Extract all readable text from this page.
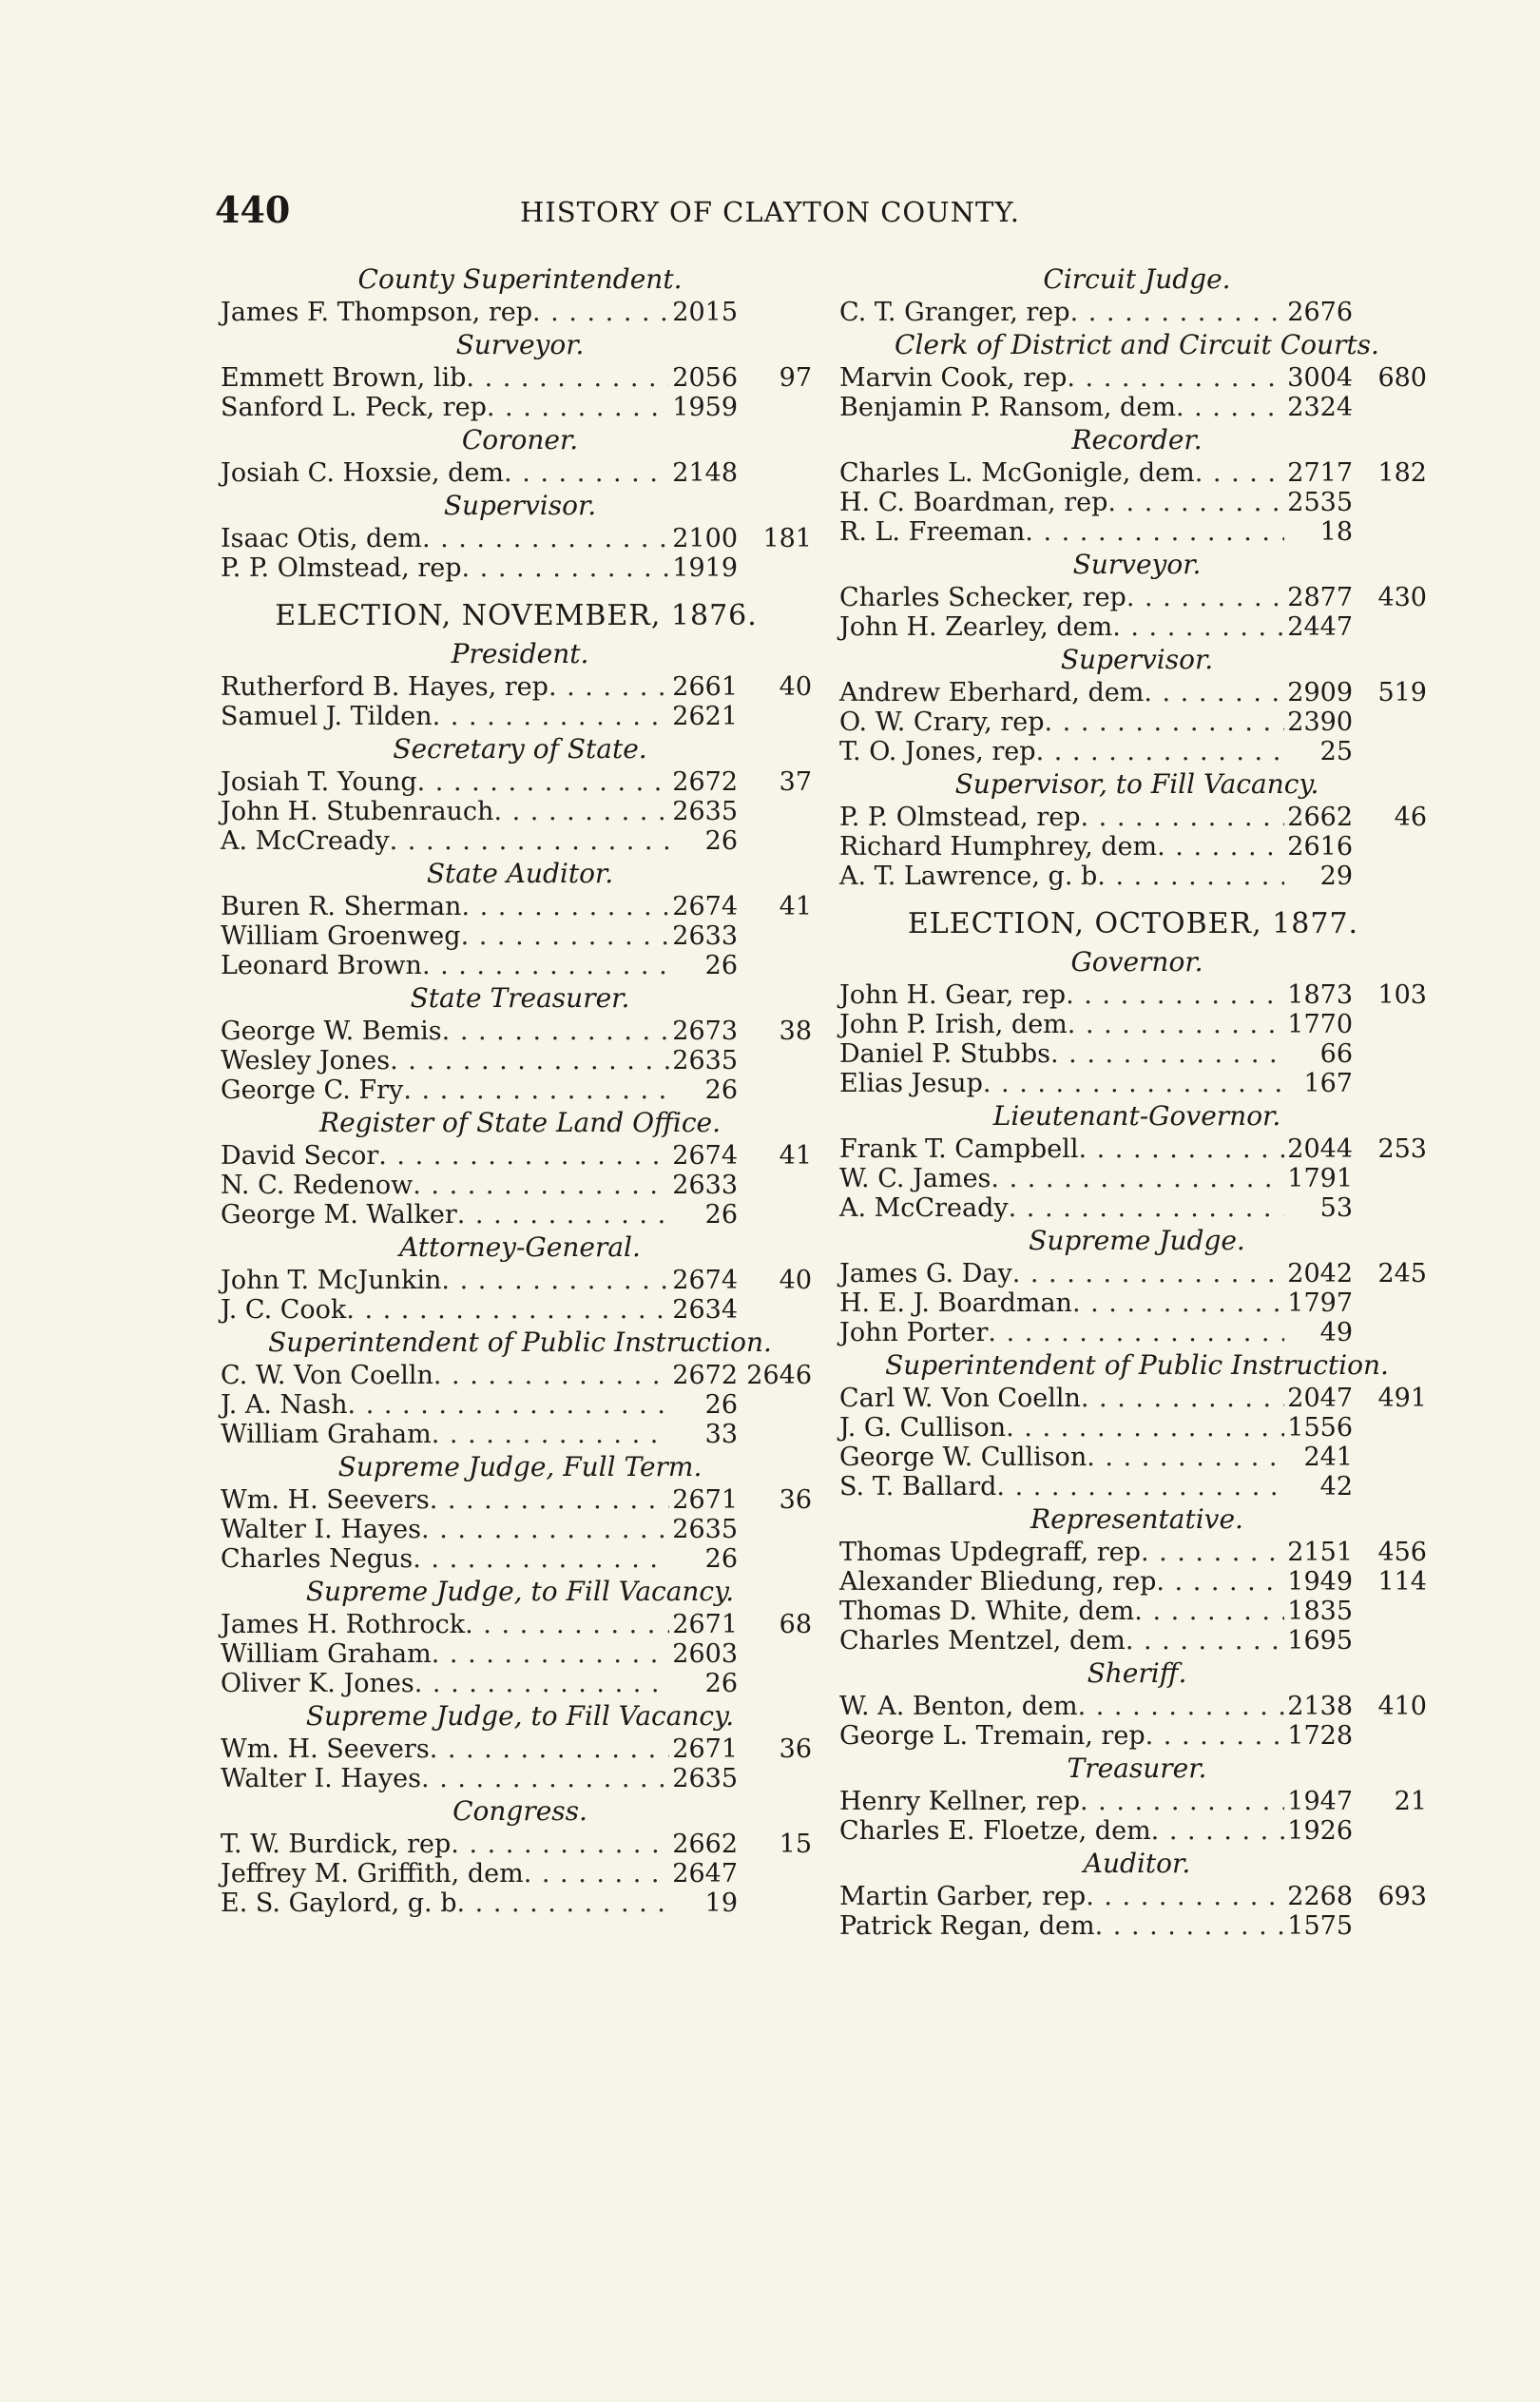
440	HISTORY OF CLAYTON COUNTY.
County Superintendent.
James F. Thompson, rep . . .	2015
Surveyor.
Emmett Brown, lib . . .	2056	97
Sanford L. Peck, rep . . .	1959
Coroner.
Josiah C. Hoxsie, dem . . .	2148
Supervisor.
Isaac Otis, dem . . .	2100 181
P. P. Olmstead, rep . . .	1919
ELECTION, NOVEMBER, 1876.
President.
Rutherford B. Hayes, rep . . .	2661	40
Samuel J. Tilden . . .	2621
Secretary of State.
Josiah T. Young . . .	2672	37
John H. Stubenrauch . . .	2635
A. McCready . . .	26
State Auditor.
Buren R. Sherman . . .	2674	41
William Groenweg . . .	2633
Leonard Brown . . .	26
State Treasurer.
George W. Bemis . . .	2673	38
Wesley Jones . . .	2635
George C. Fry . . .	26
Register of State Land Office.
David Secor . . .	2674	41
N. C. Redenow . . .	2633
George M. Walker . . .	26
Attorney-General.
John T. McJunkin . . .	2674	40
J. C. Cook . . .	2634
Superintendent of Public Instruction.
C. W. Von Coelln . . .	2672 2646
J. A. Nash . . .	26
William Graham . . .	33
Supreme Judge, Full Term.
Wm. H. Seevers . . .	2671	36
Walter I. Hayes . . .	2635
Charles Negus . . .	26
Supreme Judge, to Fill Vacancy.
James H. Rothrock . . .	2671	68
William Graham . . .	2603
Oliver K. Jones . . .	26
Supreme Judge, to Fill Vacancy.
Wm. H. Seevers . . .	2671	36
Walter I. Hayes . . .	2635
Congress.
T. W. Burdick, rep . . .	2662	15
Jeffrey M. Griffith, dem . . .	2647
E. S. Gaylord, g. b . . .	19
Circuit Judge.
C. T. Granger, rep . . .	2676
Clerk of District and Circuit Courts.
Marvin Cook, rep . . .	3004 680
Benjamin P. Ransom, dem . . .	2324
Recorder.
Charles L. McGonigle, dem . . .	2717 182
H. C. Boardman, rep . . .	2535
R. L. Freeman . . .	18
Surveyor.
Charles Schecker, rep . . .	2877 430
John H. Zearley, dem . . .	2447
Supervisor.
Andrew Eberhard, dem . . .	2909 519
O. W. Crary, rep . . .	2390
T. O. Jones, rep . . .	25
Supervisor, to Fill Vacancy.
P. P. Olmstead, rep . . .	2662	46
Richard Humphrey, dem . . .	2616
A. T. Lawrence, g. b . . .	29
ELECTION, OCTOBER, 1877.
Governor.
John H. Gear, rep . . .	1873 103
John P. Irish, dem . . .	1770
Daniel P. Stubbs . . .	66
Elias Jesup . . .	167
Lieutenant-Governor.
Frank T. Campbell . . .	2044 253
W. C. James . . .	1791
A. McCready . . .	53
Supreme Judge.
James G. Day . . .	2042 245
H. E. J. Boardman . . .	1797
John Porter . . .	49
Superintendent of Public Instruction.
Carl W. Von Coelln . . .	2047 491
J. G. Cullison . . .	1556
George W. Cullison . . .	241
S. T. Ballard . . .	42
Representative.
Thomas Updegraff, rep . . .	2151 456
Alexander Bliedung, rep . . .	1949 114
Thomas D. White, dem . . .	1835
Charles Mentzel, dem . . .	1695
Sheriff.
W. A. Benton, dem . . .	2138 410
George L. Tremain, rep . . .	1728
Treasurer.
Henry Kellner, rep . . .	1947	21
Charles E. Floetze, dem . . .	1926
Auditor.
Martin Garber, rep . . .	2268 693
Patrick Regan, dem . . .	1575
